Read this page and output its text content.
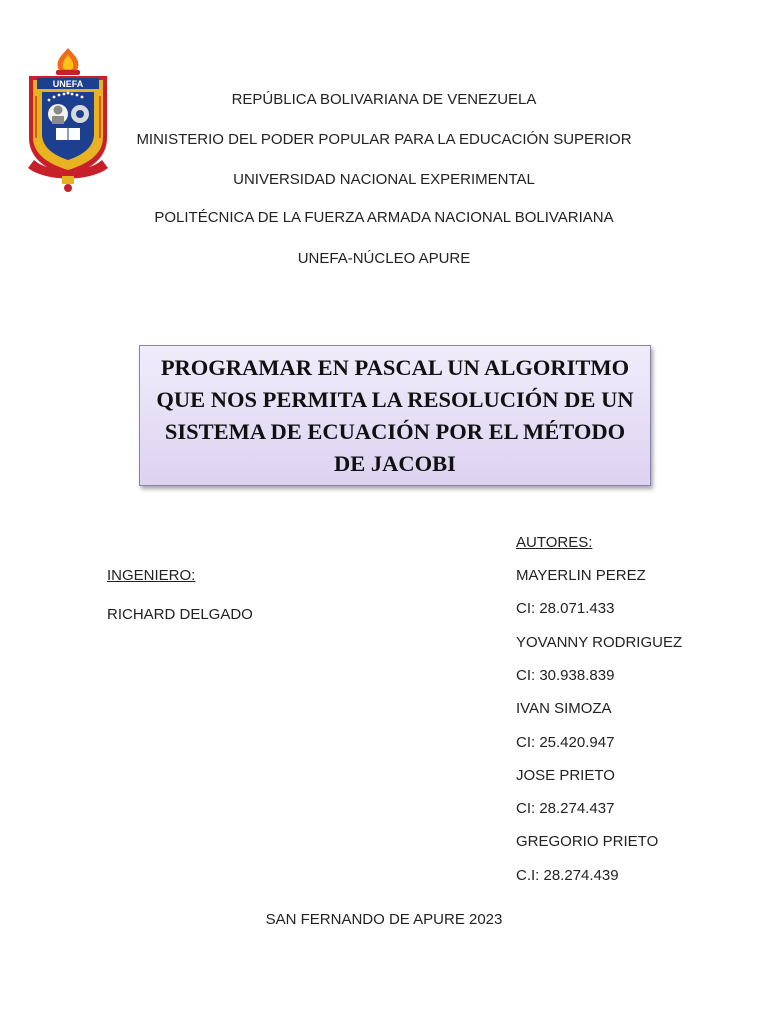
UNEFA

REPÚBLICA BOLIVARIANA DE VENEZUELA

MINISTERIO DEL PODER POPULAR PARA LA EDUCACIÓN SUPERIOR

UNIVERSIDAD NACIONAL EXPERIMENTAL

POLITÉCNICA DE LA FUERZA ARMADA NACIONAL BOLIVARIANA

UNEFA-NÚCLEO APURE

PROGRAMAR EN PASCAL UN ALGORITMO QUE NOS PERMITA LA RESOLUCIÓN DE UN SISTEMA DE ECUACIÓN POR EL MÉTODO DE JACOBI

INGENIERO:

RICHARD DELGADO

AUTORES:

MAYERLIN PEREZ

CI: 28.071.433

YOVANNY RODRIGUEZ

CI: 30.938.839

IVAN SIMOZA

CI: 25.420.947

JOSE PRIETO

CI: 28.274.437

GREGORIO PRIETO

C.I: 28.274.439

SAN FERNANDO DE APURE 2023
